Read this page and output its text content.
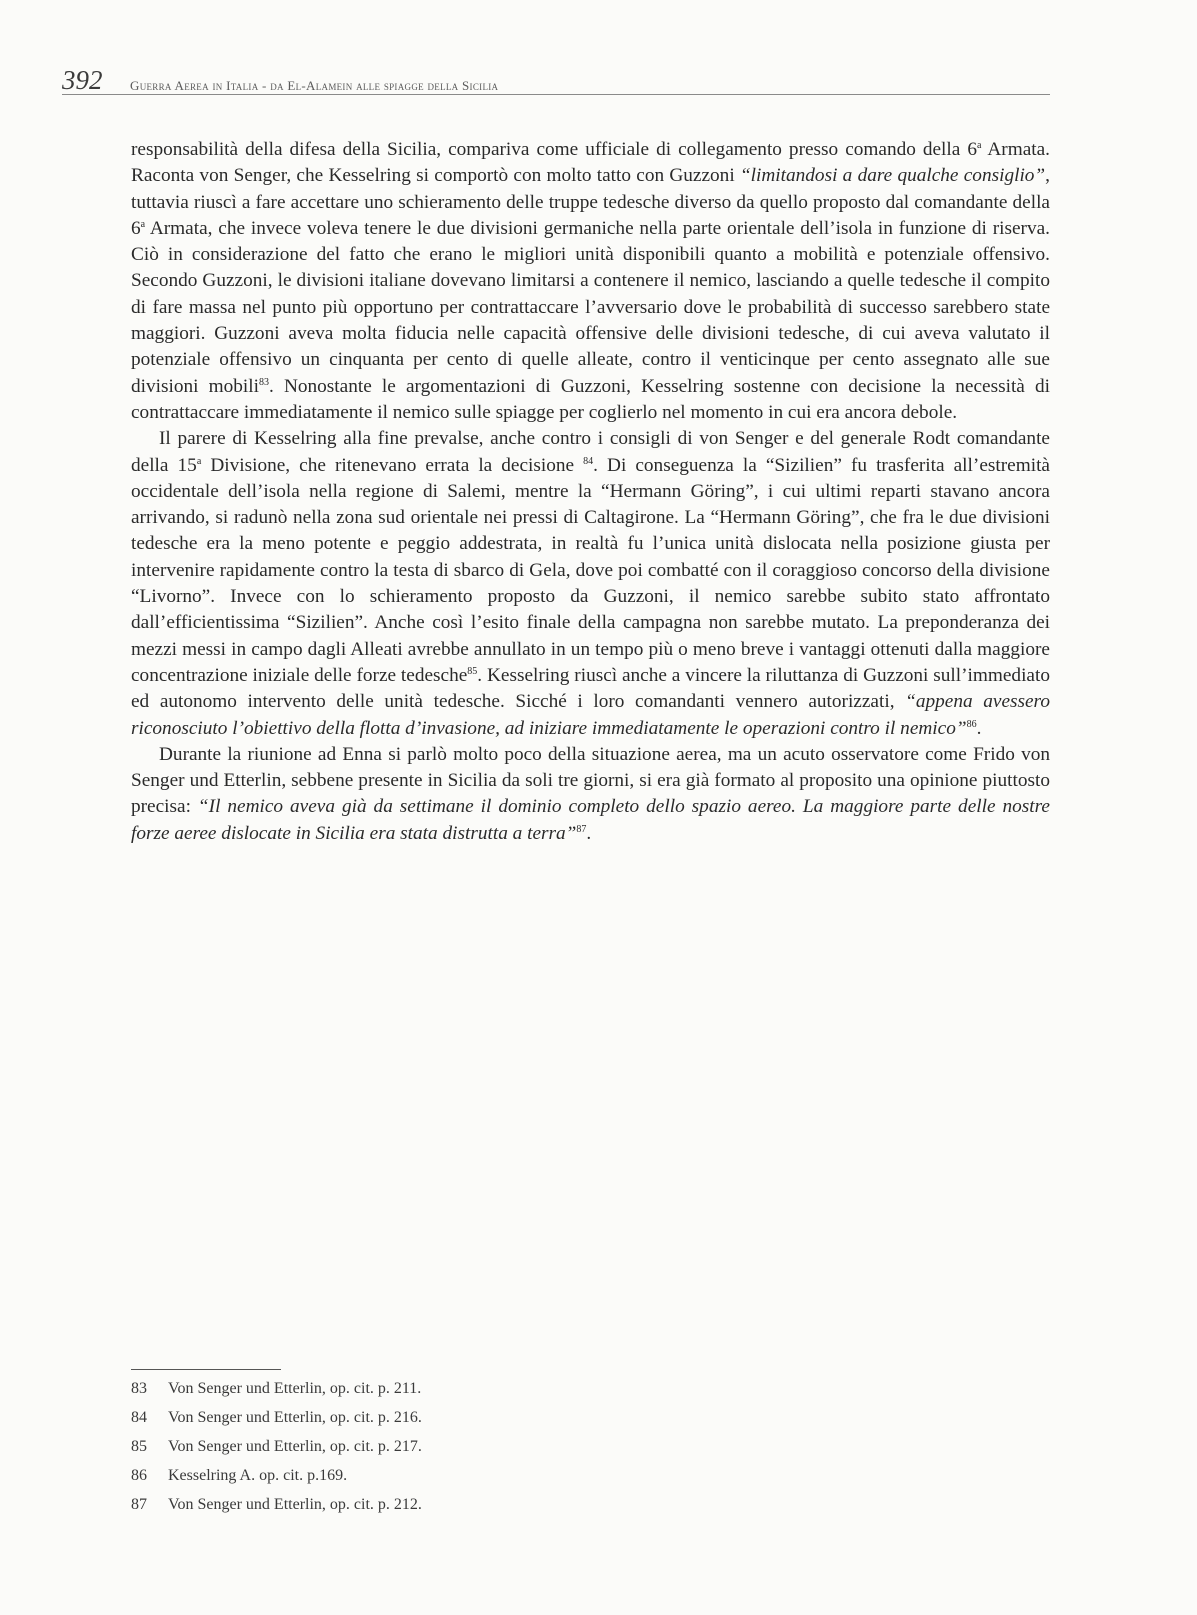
392 Guerra Aerea in Italia - da El-Alamein alle spiagge della Sicilia

responsabilità della difesa della Sicilia, compariva come ufficiale di collegamento presso comando della 6$^a$ Armata. Raconta von Senger, che Kesselring si comportò con molto tatto con Guzzoni “limitandosi a dare qualche consiglio”, tuttavia riuscì a fare accettare uno schieramento delle truppe tedesche diverso da quello proposto dal comandante della 6$^a$ Armata, che invece voleva tenere le due divisioni germaniche nella parte orientale dell’isola in funzione di riserva. Ciò in considerazione del fatto che erano le migliori unità disponibili quanto a mobilità e potenziale offensivo. Secondo Guzzoni, le divisioni italiane dovevano limitarsi a contenere il nemico, lasciando a quelle tedesche il compito di fare massa nel punto più opportuno per contrattaccare l’avversario dove le probabilità di successo sarebbero state maggiori. Guzzoni aveva molta fiducia nelle capacità offensive delle divisioni tedesche, di cui aveva valutato il potenziale offensivo un cinquanta per cento di quelle alleate, contro il venticinque per cento assegnato alle sue divisioni mobili$^{83}$. Nonostante le argomentazioni di Guzzoni, Kesselring sostenne con decisione la necessità di contrattaccare immediatamente il nemico sulle spiagge per coglierlo nel momento in cui era ancora debole.

Il parere di Kesselring alla fine prevalse, anche contro i consigli di von Senger e del generale Rodt comandante della 15$^a$ Divisione, che ritenevano errata la decisione $^{84}$. Di conseguenza la “Sizilien” fu trasferita all’estremità occidentale dell’isola nella regione di Salemi, mentre la “Hermann Göring”, i cui ultimi reparti stavano ancora arrivando, si radunò nella zona sud orientale nei pressi di Caltagirone. La “Hermann Göring”, che fra le due divisioni tedesche era la meno potente e peggio addestrata, in realtà fu l’unica unità dislocata nella posizione giusta per intervenire rapidamente contro la testa di sbarco di Gela, dove poi combatté con il coraggioso concorso della divisione “Livorno”. Invece con lo schieramento proposto da Guzzoni, il nemico sarebbe subito stato affrontato dall’efficientissima “Sizilien”. Anche così l’esito finale della campagna non sarebbe mutato. La preponderanza dei mezzi messi in campo dagli Alleati avrebbe annullato in un tempo più o meno breve i vantaggi ottenuti dalla maggiore concentrazione iniziale delle forze tedesche$^{85}$. Kesselring riuscì anche a vincere la riluttanza di Guzzoni sull’immediato ed autonomo intervento delle unità tedesche. Sicché i loro comandanti vennero autorizzati, “appena avessero riconosciuto l’obiettivo della flotta d’invasione, ad iniziare immediatamente le operazioni contro il nemico”$^{86}$.

Durante la riunione ad Enna si parlò molto poco della situazione aerea, ma un acuto osservatore come Frido von Senger und Etterlin, sebbene presente in Sicilia da soli tre giorni, si era già formato al proposito una opinione piuttosto precisa: “Il nemico aveva già da settimane il dominio completo dello spazio aereo. La maggiore parte delle nostre forze aeree dislocate in Sicilia era stata distrutta a terra”$^{87}$.

83 Von Senger und Etterlin, op. cit. p. 211.
84 Von Senger und Etterlin, op. cit. p. 216.
85 Von Senger und Etterlin, op. cit. p. 217.
86 Kesselring A. op. cit. p.169.
87 Von Senger und Etterlin, op. cit. p. 212.
